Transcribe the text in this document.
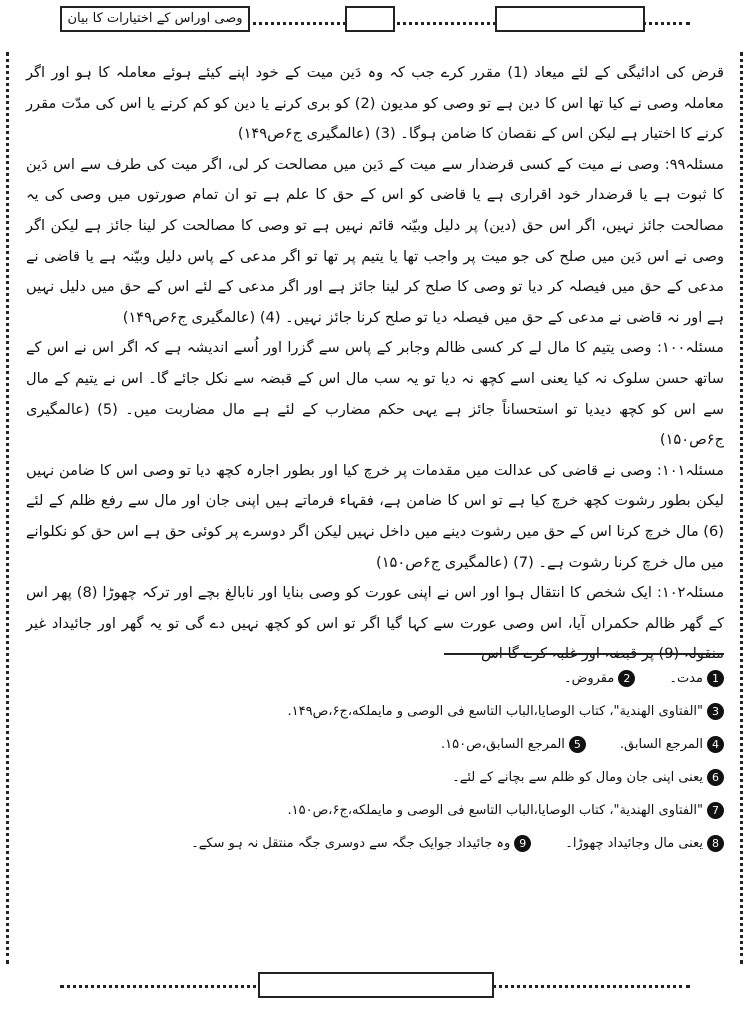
وصی اوراس کے اختیارات کا بیان

قرض کی ادائیگی کے لئے میعاد (1) مقرر کرے جب کہ وہ دَین میت کے خود اپنے کیئے ہوئے معاملہ کا ہو اور اگر معاملہ وصی نے کیا تھا اس کا دین ہے تو وصی کو مدیون (2) کو بری کرنے یا دین کو کم کرنے یا اس کی مدّت مقرر کرنے کا اختیار ہے لیکن اس کے نقصان کا ضامن ہوگا۔ (3) (عالمگیری ج۶ص۱۴۹)

مسئلہ۹۹: وصی نے میت کے کسی قرضدار سے میت کے دَین میں مصالحت کر لی، اگر میت کی طرف سے اس دَین کا ثبوت ہے یا قرضدار خود اقراری ہے یا قاضی کو اس کے حق کا علم ہے تو ان تمام صورتوں میں وصی کی یہ مصالحت جائز نہیں، اگر اس حق (دین) پر دلیل وبیّنہ قائم نہیں ہے تو وصی کا مصالحت کر لینا جائز ہے لیکن اگر وصی نے اس دَین میں صلح کی جو میت پر واجب تھا یا یتیم پر تھا تو اگر مدعی کے پاس دلیل وبیّنہ ہے یا قاضی نے مدعی کے حق میں فیصلہ کر دیا تو وصی کا صلح کر لینا جائز ہے اور اگر مدعی کے لئے اس کے حق میں دلیل نہیں ہے اور نہ قاضی نے مدعی کے حق میں فیصلہ دیا تو صلح کرنا جائز نہیں۔ (4) (عالمگیری ج۶ص۱۴۹)

مسئلہ۱۰۰: وصی یتیم کا مال لے کر کسی ظالم وجابر کے پاس سے گزرا اور اُسے اندیشہ ہے کہ اگر اس نے اس کے ساتھ حسن سلوک نہ کیا یعنی اسے کچھ نہ دیا تو یہ سب مال اس کے قبضہ سے نکل جائے گا۔ اس نے یتیم کے مال سے اس کو کچھ دیدیا تو استحساناً جائز ہے یہی حکم مضارب کے لئے ہے مال مضاربت میں۔ (5) (عالمگیری ج۶ص۱۵۰)

مسئلہ۱۰۱: وصی نے قاضی کی عدالت میں مقدمات پر خرچ کیا اور بطور اجارہ کچھ دیا تو وصی اس کا ضامن نہیں لیکن بطور رشوت کچھ خرچ کیا ہے تو اس کا ضامن ہے، فقہاء فرماتے ہیں اپنی جان اور مال سے رفع ظلم کے لئے (6) مال خرچ کرنا اس کے حق میں رشوت دینے میں داخل نہیں لیکن اگر دوسرے پر کوئی حق ہے اس حق کو نکلوانے میں مال خرچ کرنا رشوت ہے۔ (7) (عالمگیری ج۶ص۱۵۰)

مسئلہ۱۰۲: ایک شخص کا انتقال ہوا اور اس نے اپنی عورت کو وصی بنایا اور نابالغ بچے اور ترکہ چھوڑا (8) پھر اس کے گھر ظالم حکمراں آیا، اس وصی عورت سے کہا گیا اگر تو اس کو کچھ نہیں دے گی تو یہ گھر اور جائیداد غیر منقولہ (9) پر قبضہ اور غلبہ کرے گا اس

1
مدت۔
2
مقروض۔
3
"الفتاوی الھندیة"، کتاب الوصایا،الباب التاسع فی الوصی و مایملکه،ج۶،ص۱۴۹.
4
المرجع السابق.
5
المرجع السابق،ص۱۵۰.
6
یعنی اپنی جان ومال کو ظلم سے بچانے کے لئے۔
7
"الفتاوی الھندیة"، کتاب الوصایا،الباب التاسع فی الوصی و مایملکه،ج۶،ص۱۵۰.
8
یعنی مال وجائیداد چھوڑا۔
9
وہ جائیداد جوایک جگہ سے دوسری جگہ منتقل نہ ہو سکے۔
